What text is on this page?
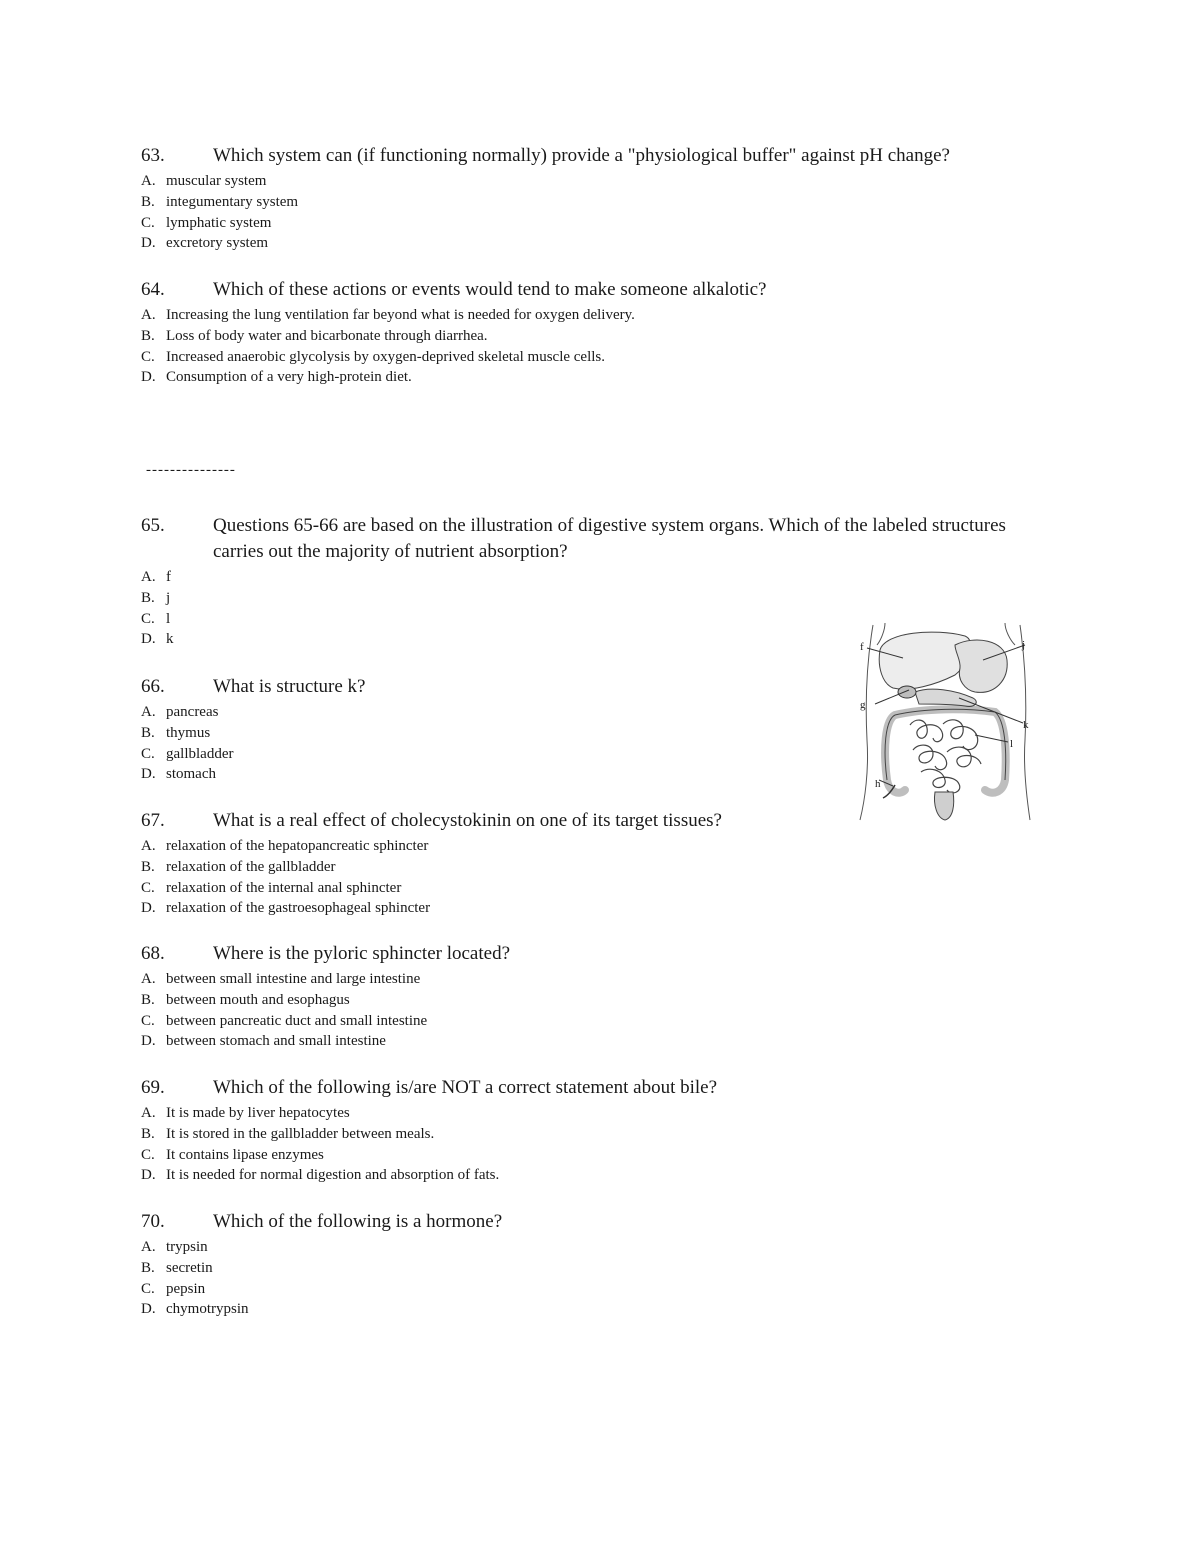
63.	Which system can (if functioning normally) provide a "physiological buffer" against pH change?
A. muscular system
B. integumentary system
C. lymphatic system
D. excretory system
64.	Which of these actions or events would tend to make someone alkalotic?
A. Increasing the lung ventilation far beyond what is needed for oxygen delivery.
B. Loss of body water and bicarbonate through diarrhea.
C. Increased anaerobic glycolysis by oxygen-deprived skeletal muscle cells.
D. Consumption of a very high-protein diet.
---------------
65.	Questions 65-66 are based on the illustration of digestive system organs. Which of the labeled structures carries out the majority of nutrient absorption?
A. f
B. j
C. l
D. k
66.	What is structure k?
A. pancreas
B. thymus
C. gallbladder
D. stomach
67.	What is a real effect of cholecystokinin on one of its target tissues?
A. relaxation of the hepatopancreatic sphincter
B. relaxation of the gallbladder
C. relaxation of the internal anal sphincter
D. relaxation of the gastroesophageal sphincter
68.	Where is the pyloric sphincter located?
A. between small intestine and large intestine
B. between mouth and esophagus
C. between pancreatic duct and small intestine
D. between stomach and small intestine
69.	Which of the following is/are NOT a correct statement about bile?
A. It is made by liver hepatocytes
B. It is stored in the gallbladder between meals.
C. It contains lipase enzymes
D. It is needed for normal digestion and absorption of fats.
70.	Which of the following is a hormone?
A. trypsin
B. secretin
C. pepsin
D. chymotrypsin
f
g
h
j
k
l
